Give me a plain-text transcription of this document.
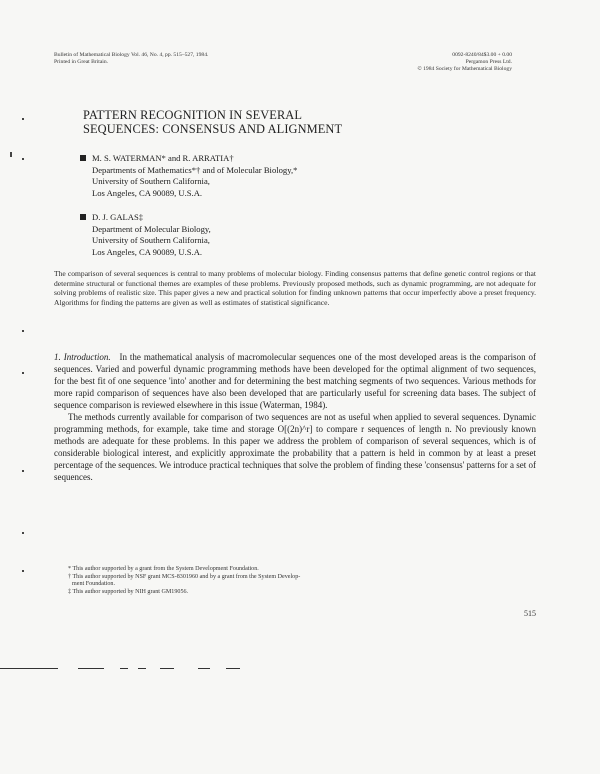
Bulletin of Mathematical Biology Vol. 46, No. 4, pp. 515–527, 1984.
Printed in Great Britain.
0092-8240/84$3.00 + 0.00
Pergamon Press Ltd.
© 1984 Society for Mathematical Biology
PATTERN RECOGNITION IN SEVERAL
SEQUENCES: CONSENSUS AND ALIGNMENT
M. S. WATERMAN* and R. ARRATIA†
Departments of Mathematics*† and of Molecular Biology,*
University of Southern California,
Los Angeles, CA 90089, U.S.A.
D. J. GALAS‡
Department of Molecular Biology,
University of Southern California,
Los Angeles, CA 90089, U.S.A.
The comparison of several sequences is central to many problems of molecular biology. Finding consensus patterns that define genetic control regions or that determine structural or functional themes are examples of these problems. Previously proposed methods, such as dynamic programming, are not adequate for solving problems of realistic size. This paper gives a new and practical solution for finding unknown patterns that occur imperfectly above a preset frequency. Algorithms for finding the patterns are given as well as estimates of statistical significance.

1. Introduction. In the mathematical analysis of macromolecular sequences one of the most developed areas is the comparison of sequences. Varied and powerful dynamic programming methods have been developed for the optimal alignment of two sequences, for the best fit of one sequence 'into' another and for determining the best matching segments of two sequences. Various methods for more rapid comparison of sequences have also been developed that are particularly useful for screening data bases. The subject of sequence comparison is reviewed elsewhere in this issue (Waterman, 1984).

The methods currently available for comparison of two sequences are not as useful when applied to several sequences. Dynamic programming methods, for example, take time and storage O[(2n)^r] to compare r sequences of length n. No previously known methods are adequate for these problems. In this paper we address the problem of comparison of several sequences, which is of considerable biological interest, and explicitly approximate the probability that a pattern is held in common by at least a preset percentage of the sequences. We introduce practical techniques that solve the problem of finding these 'consensus' patterns for a set of sequences.

* This author supported by a grant from the System Development Foundation.
† This author supported by NSF grant MCS-8301960 and by a grant from the System Develop-
ment Foundation.
‡ This author supported by NIH grant GM19056.
515
